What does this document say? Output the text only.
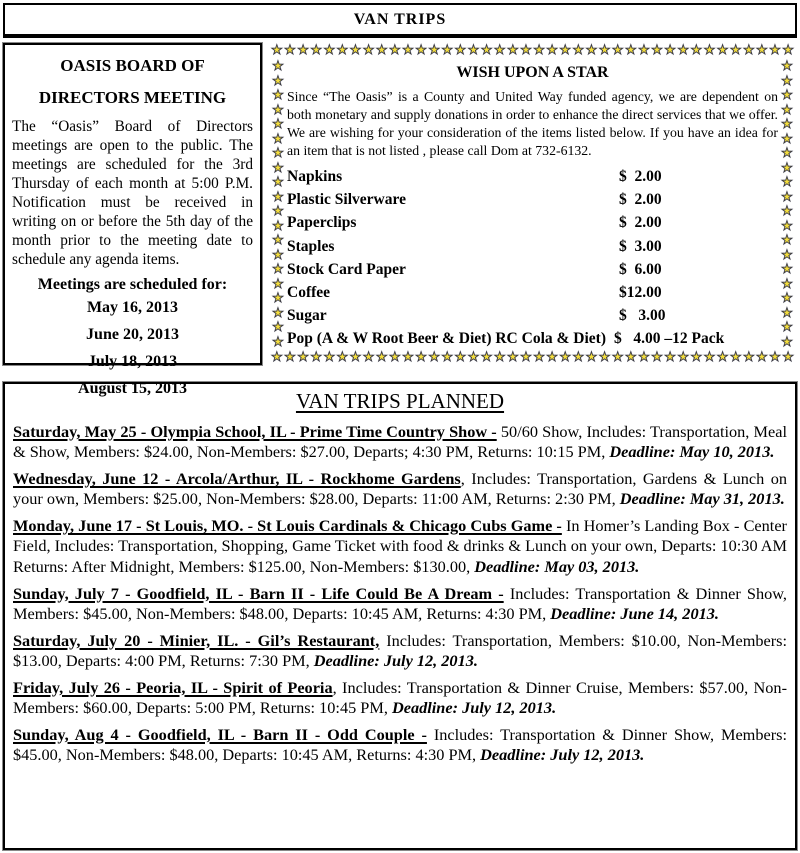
VAN TRIPS
OASIS BOARD OF
DIRECTORS MEETING

The “Oasis” Board of Directors meetings are open to the public. The meetings are scheduled for the 3rd Thursday of each month at 5:00 P.M. Notification must be received in writing on or before the 5th day of the month prior to the meeting date to schedule any agenda items.

Meetings are scheduled for:
May 16, 2013
June 20, 2013
July 18, 2013
August 15, 2013
★ ★ ★ ★ ★ ★ ★ ★ ★ ★ ★ ★ ★ ★ ★ ★ ★ ★ ★ ★ ★ ★ ★ ★ ★ ★ ★ ★ ★ ★ ★ ★ ★ ★ ★ ★ ★ ★ ★ ★
★ ★ ★ ★ ★ ★ ★ ★ ★ ★ ★ ★ ★ ★ ★ ★ ★ ★ ★ ★ ★ ★ ★ ★ ★ ★ ★ ★ ★ ★ ★ ★ ★ ★ ★ ★ ★ ★ ★ ★
★
★
★
★
★
★
★
★
★
★
★
★
★
★
★
★
★
★
★
★
★
★
★
★
★
★
★
★
★
★
★
★
★
★
★
★
★
★
★
★
WISH UPON A STAR

Since “The Oasis” is a County and United Way funded agency, we are dependent on both monetary and supply donations in order to enhance the direct services that we offer. We are wishing for your consideration of the items listed below. If you have an idea for an item that is not listed , please call Dom at 732-6132.

Napkins	$  2.00
Plastic Silverware	$  2.00
Paperclips	$  2.00
Staples	$  3.00
Stock Card Paper	$  6.00
Coffee	$12.00
Sugar	$   3.00
Pop (A & W Root Beer & Diet) RC Cola & Diet) $   4.00 –12 Pack
VAN TRIPS PLANNED

Saturday, May 25 - Olympia School, IL - Prime Time Country Show - 50/60 Show, Includes: Transportation, Meal & Show, Members: $24.00, Non-Members: $27.00, Departs; 4:30 PM, Returns: 10:15 PM, Deadline: May 10, 2013.

Wednesday, June 12 - Arcola/Arthur, IL - Rockhome Gardens, Includes: Transportation, Gardens & Lunch on your own, Members: $25.00, Non-Members: $28.00, Departs: 11:00 AM, Returns: 2:30 PM, Deadline: May 31, 2013.

Monday, June 17 - St Louis, MO. - St Louis Cardinals & Chicago Cubs Game - In Homer’s Landing Box - Center Field, Includes: Transportation, Shopping, Game Ticket with food & drinks & Lunch on your own, Departs: 10:30 AM Returns: After Midnight, Members: $125.00, Non-Members: $130.00, Deadline: May 03, 2013.

Sunday, July 7 - Goodfield, IL - Barn II - Life Could Be A Dream - Includes: Transportation & Dinner Show, Members: $45.00, Non-Members: $48.00, Departs: 10:45 AM, Returns: 4:30 PM, Deadline: June 14, 2013.

Saturday, July 20 - Minier, IL. - Gil’s Restaurant, Includes: Transportation, Members: $10.00, Non-Members: $13.00, Departs: 4:00 PM, Returns: 7:30 PM, Deadline: July 12, 2013.

Friday, July 26 - Peoria, IL - Spirit of Peoria, Includes: Transportation & Dinner Cruise, Members: $57.00, Non-Members: $60.00, Departs: 5:00 PM, Returns: 10:45 PM, Deadline: July 12, 2013.

Sunday, Aug 4 - Goodfield, IL - Barn II - Odd Couple - Includes: Transportation & Dinner Show, Members: $45.00, Non-Members: $48.00, Departs: 10:45 AM, Returns: 4:30 PM, Deadline: July 12, 2013.
